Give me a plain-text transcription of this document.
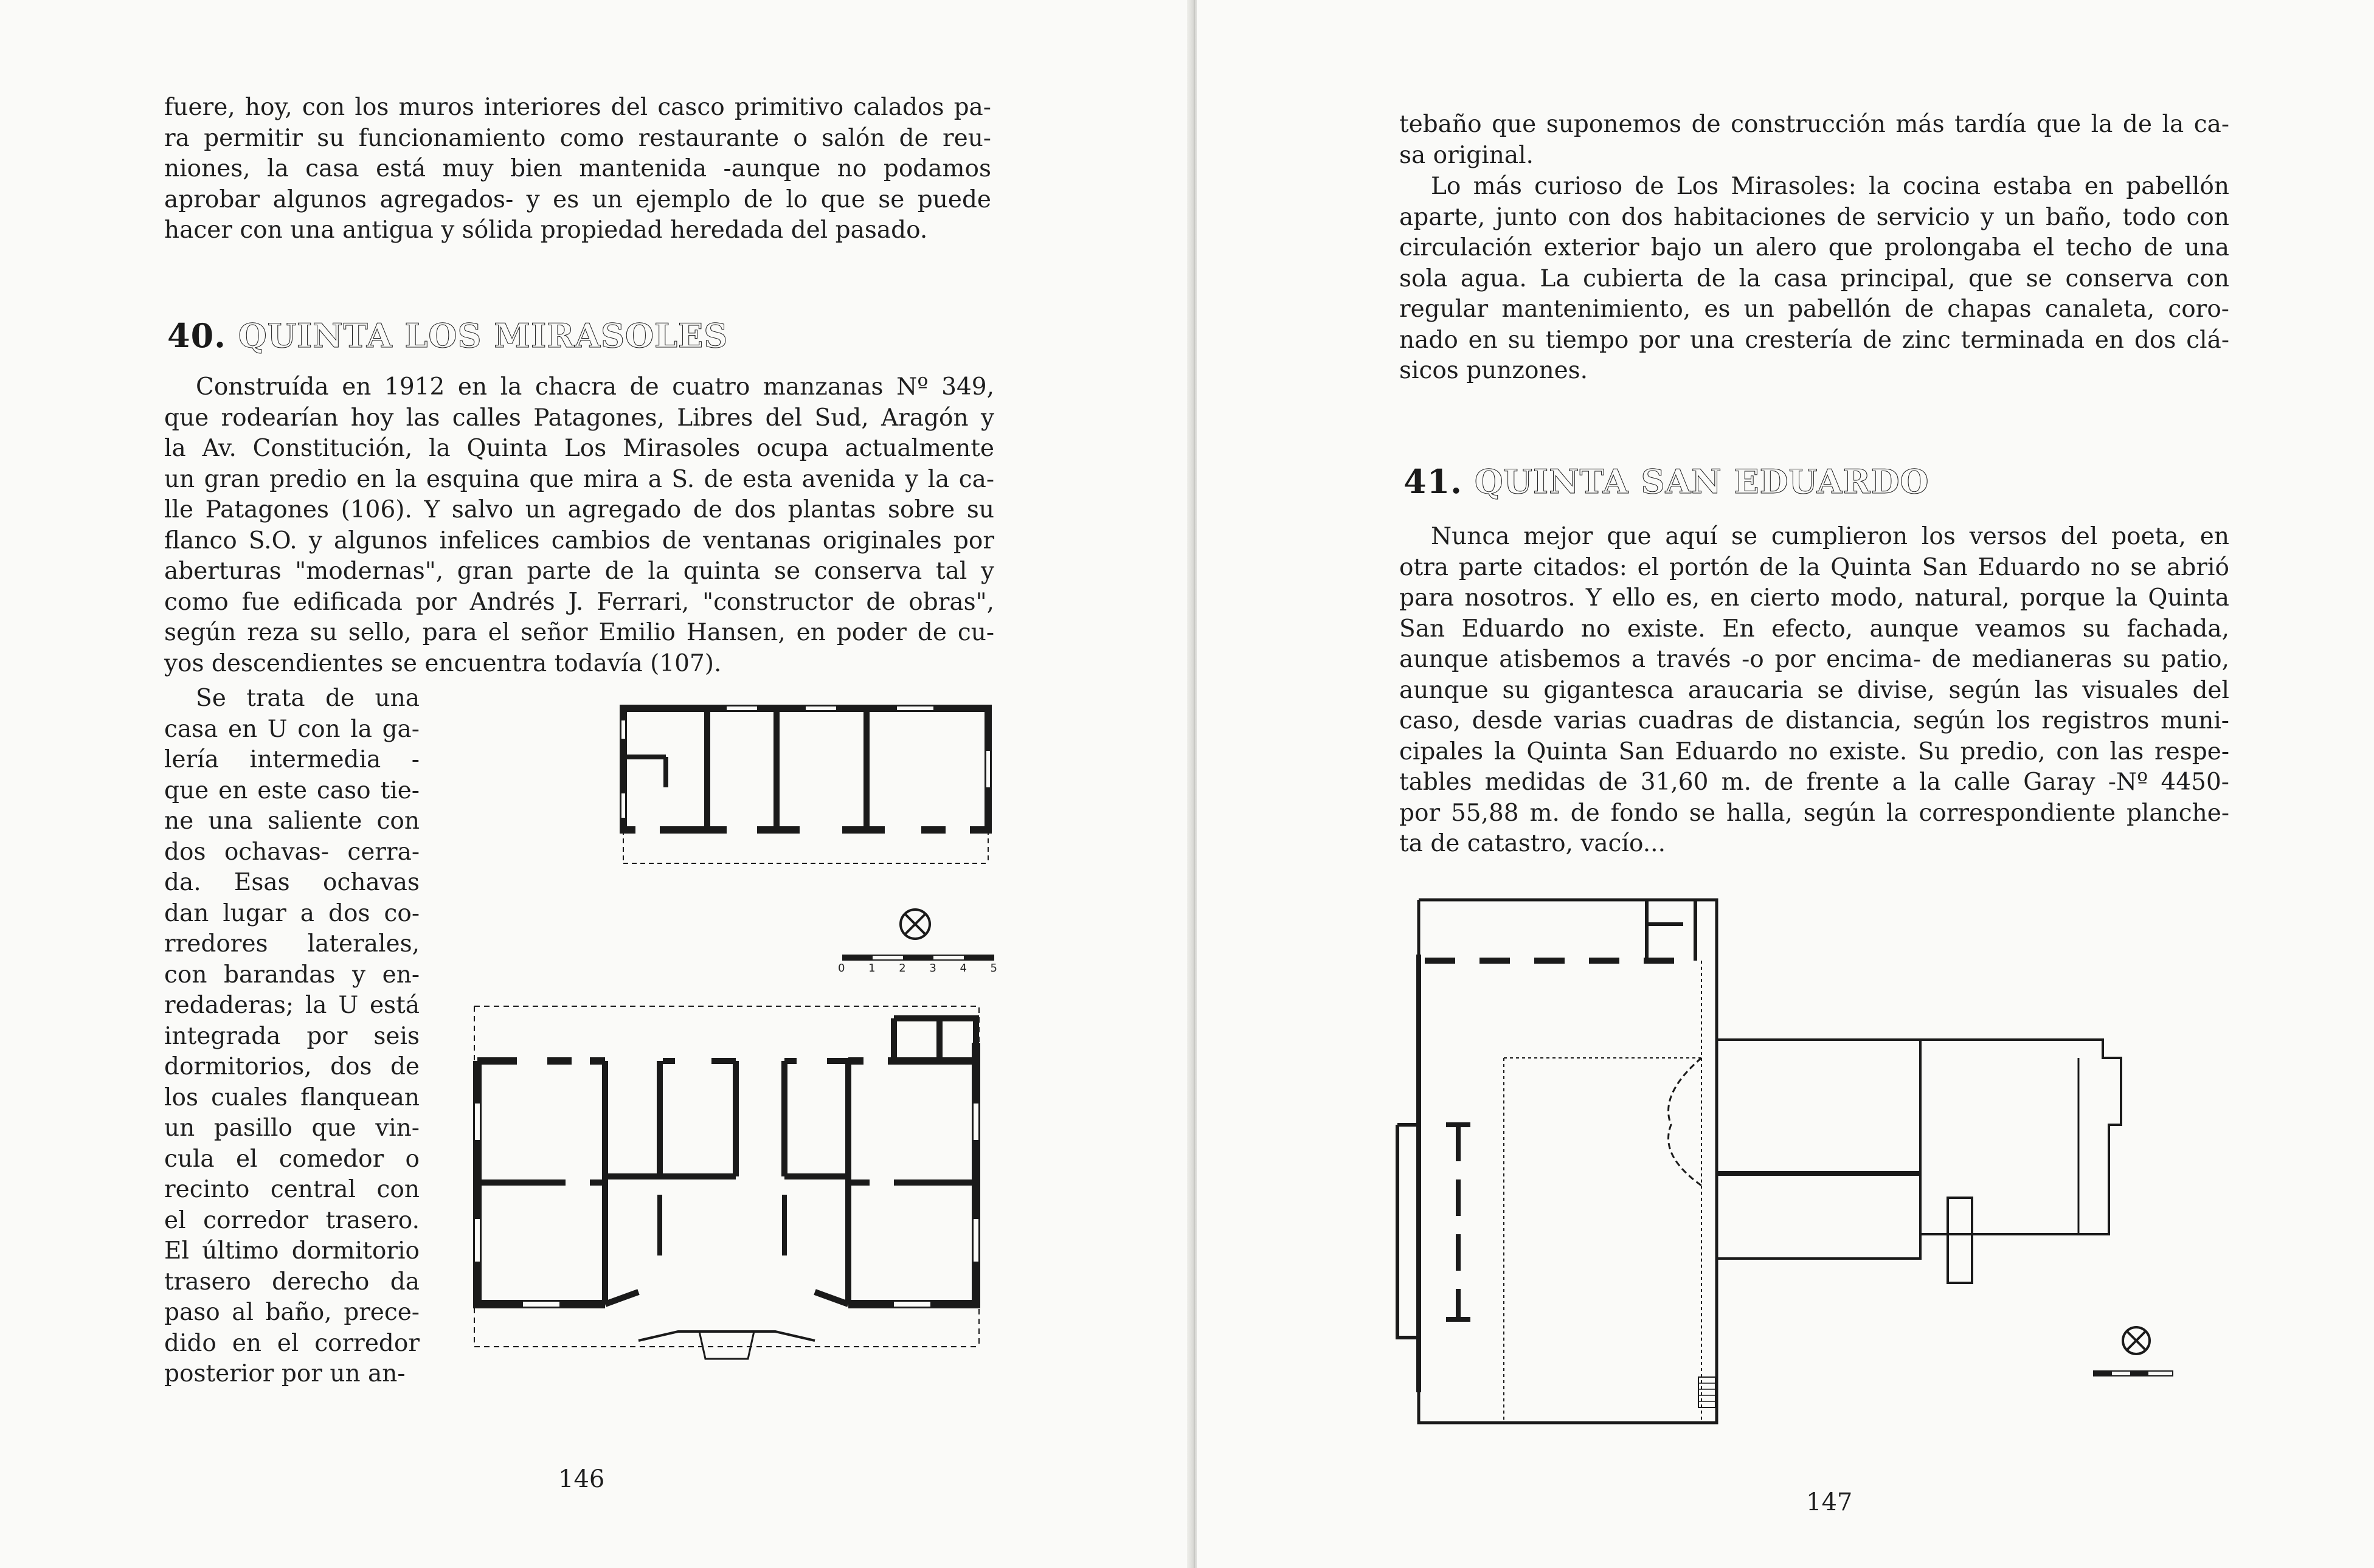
fuere, hoy, con los muros interiores del casco primitivo calados pa-
ra permitir su funcionamiento como restaurante o salón de reu-
niones, la casa está muy bien mantenida -aunque no podamos
aprobar algunos agregados- y es un ejemplo de lo que se puede
hacer con una antigua y sólida propiedad heredada del pasado.
40. QUINTA LOS MIRASOLES
Construída en 1912 en la chacra de cuatro manzanas Nº 349,
que rodearían hoy las calles Patagones, Libres del Sud, Aragón y
la Av. Constitución, la Quinta Los Mirasoles ocupa actualmente
un gran predio en la esquina que mira a S. de esta avenida y la ca-
lle Patagones (106). Y salvo un agregado de dos plantas sobre su
flanco S.O. y algunos infelices cambios de ventanas originales por
aberturas "modernas", gran parte de la quinta se conserva tal y
como fue edificada por Andrés J. Ferrari, "constructor de obras",
según reza su sello, para el señor Emilio Hansen, en poder de cu-
yos descendientes se encuentra todavía (107).
Se trata de una
casa en U con la ga-
lería intermedia -
que en este caso tie-
ne una saliente con
dos ochavas- cerra-
da. Esas ochavas
dan lugar a dos co-
rredores laterales,
con barandas y en-
redaderas; la U está
integrada por seis
dormitorios, dos de
los cuales flanquean
un pasillo que vin-
cula el comedor o
recinto central con
el corredor trasero.
El último dormitorio
trasero derecho da
paso al baño, prece-
dido en el corredor
posterior por un an-
0 1 2 3 4 5

146

tebaño que suponemos de construcción más tardía que la de la ca-
sa original.
Lo más curioso de Los Mirasoles: la cocina estaba en pabellón
aparte, junto con dos habitaciones de servicio y un baño, todo con
circulación exterior bajo un alero que prolongaba el techo de una
sola agua. La cubierta de la casa principal, que se conserva con
regular mantenimiento, es un pabellón de chapas canaleta, coro-
nado en su tiempo por una crestería de zinc terminada en dos clá-
sicos punzones.
41. QUINTA SAN EDUARDO
Nunca mejor que aquí se cumplieron los versos del poeta, en
otra parte citados: el portón de la Quinta San Eduardo no se abrió
para nosotros. Y ello es, en cierto modo, natural, porque la Quinta
San Eduardo no existe. En efecto, aunque veamos su fachada,
aunque atisbemos a través -o por encima- de medianeras su patio,
aunque su gigantesca araucaria se divise, según las visuales del
caso, desde varias cuadras de distancia, según los registros muni-
cipales la Quinta San Eduardo no existe. Su predio, con las respe-
tables medidas de 31,60 m. de frente a la calle Garay -Nº 4450-
por 55,88 m. de fondo se halla, según la correspondiente planche-
ta de catastro, vacío...

147
